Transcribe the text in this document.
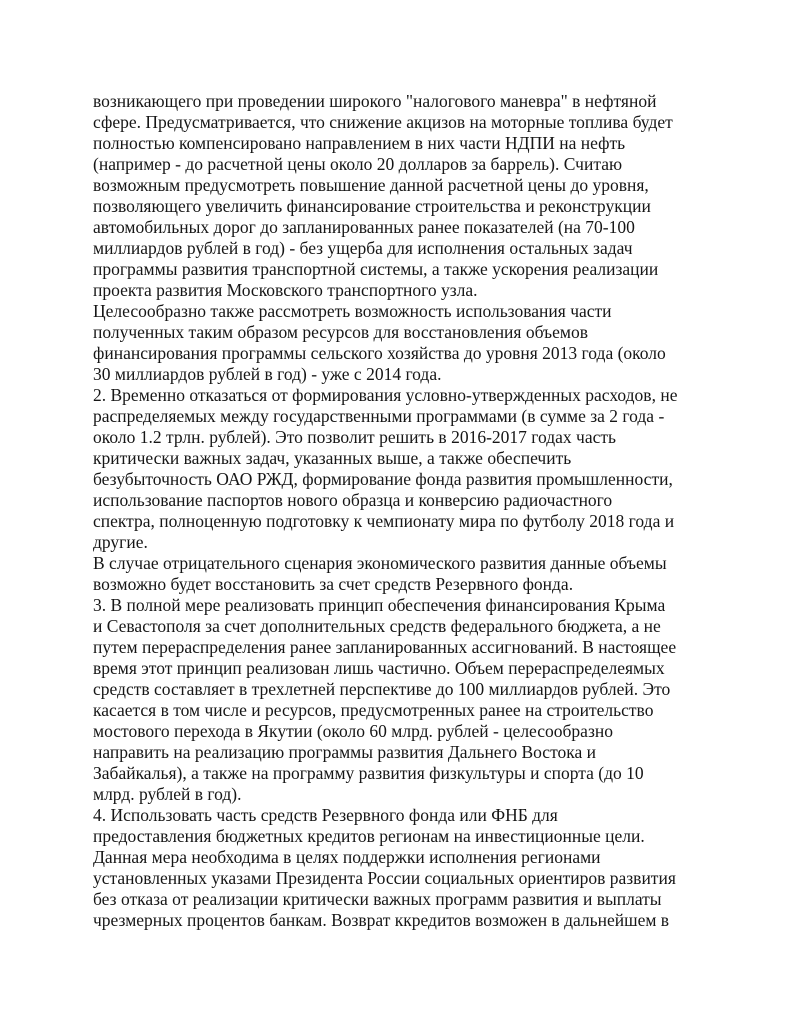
возникающего при проведении широкого "налогового маневра" в нефтяной
сфере. Предусматривается, что снижение акцизов на моторные топлива будет
полностью компенсировано направлением в них части НДПИ на нефть
(например - до расчетной цены около 20 долларов за баррель). Считаю
возможным предусмотреть повышение данной расчетной цены до уровня,
позволяющего увеличить финансирование строительства и реконструкции
автомобильных дорог до запланированных ранее показателей (на 70-100
миллиардов рублей в год) - без ущерба для исполнения остальных задач
программы развития транспортной системы, а также ускорения реализации
проекта развития Московского транспортного узла.
Целесообразно также рассмотреть возможность использования части
полученных таким образом ресурсов для восстановления объемов
финансирования программы сельского хозяйства до уровня 2013 года (около
30 миллиардов рублей в год) - уже с 2014 года.
2. Временно отказаться от формирования условно-утвержденных расходов, не
распределяемых между государственными программами (в сумме за 2 года -
около 1.2 трлн. рублей). Это позволит решить в 2016-2017 годах часть
критически важных задач, указанных выше, а также обеспечить
безубыточность ОАО РЖД, формирование фонда развития промышленности,
использование паспортов нового образца и конверсию радиочастного
спектра, полноценную подготовку к чемпионату мира по футболу 2018 года и
другие.
В случае отрицательного сценария экономического развития данные объемы
возможно будет восстановить за счет средств Резервного фонда.
3. В полной мере реализовать принцип обеспечения финансирования Крыма
и Севастополя за счет дополнительных средств федерального бюджета, а не
путем перераспределения ранее запланированных ассигнований. В настоящее
время этот принцип реализован лишь частично. Объем перераспределеямых
средств составляет в трехлетней перспективе до 100 миллиардов рублей. Это
касается в том числе и ресурсов, предусмотренных ранее на строительство
мостового перехода в Якутии (около 60 млрд. рублей - целесообразно
направить на реализацию программы развития Дальнего Востока и
Забайкалья), а также на программу развития физкультуры и спорта (до 10
млрд. рублей в год).
4. Использовать часть средств Резервного фонда или ФНБ для
предоставления бюджетных кредитов регионам на инвестиционные цели.
Данная мера необходима в целях поддержки исполнения регионами
установленных указами Президента России социальных ориентиров развития
без отказа от реализации критически важных программ развития и выплаты
чрезмерных процентов банкам. Возврат ккредитов возможен в дальнейшем в
